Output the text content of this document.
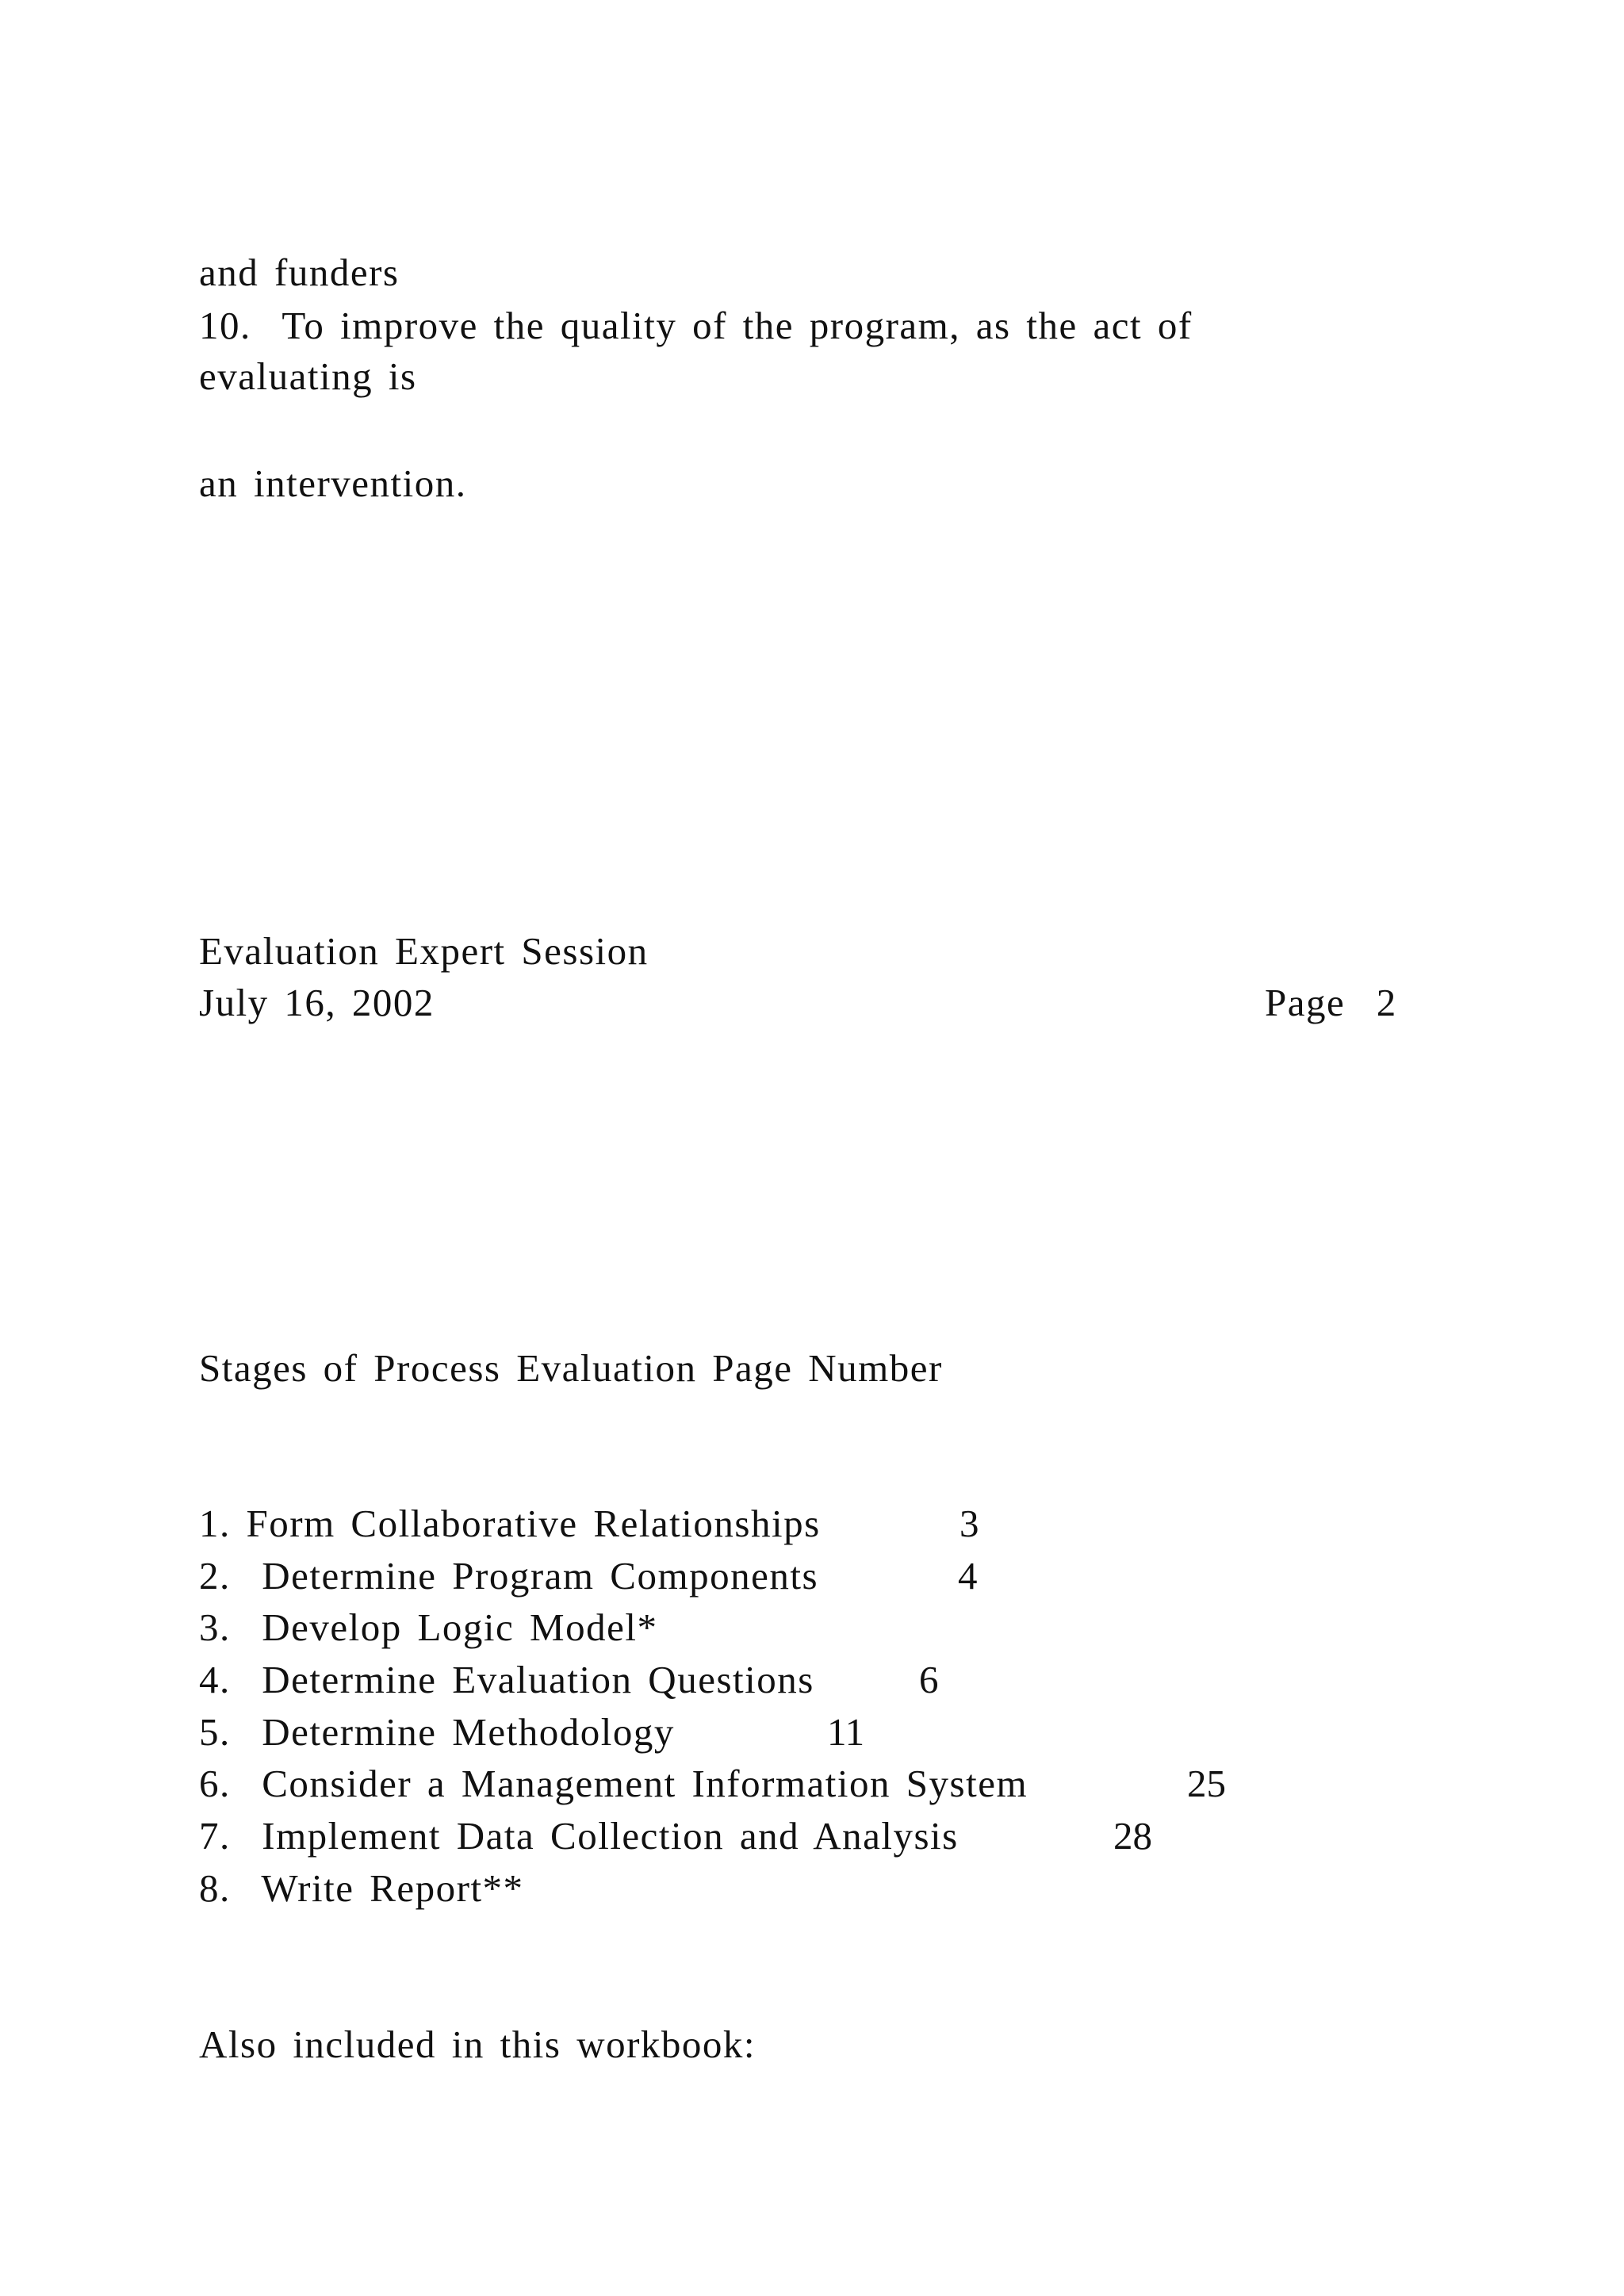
and funders
10.  To improve the quality of the program, as the act of
evaluating is
an intervention.
Evaluation Expert Session
July 16, 2002	Page  2
Stages of Process Evaluation Page Number
1. Form Collaborative Relationships	3
2.  Determine Program Components	4
3.  Develop Logic Model*
4.  Determine Evaluation Questions	6
5.  Determine Methodology	11
6.  Consider a Management Information System	25
7.  Implement Data Collection and Analysis	28
8.  Write Report**
Also included in this workbook:
